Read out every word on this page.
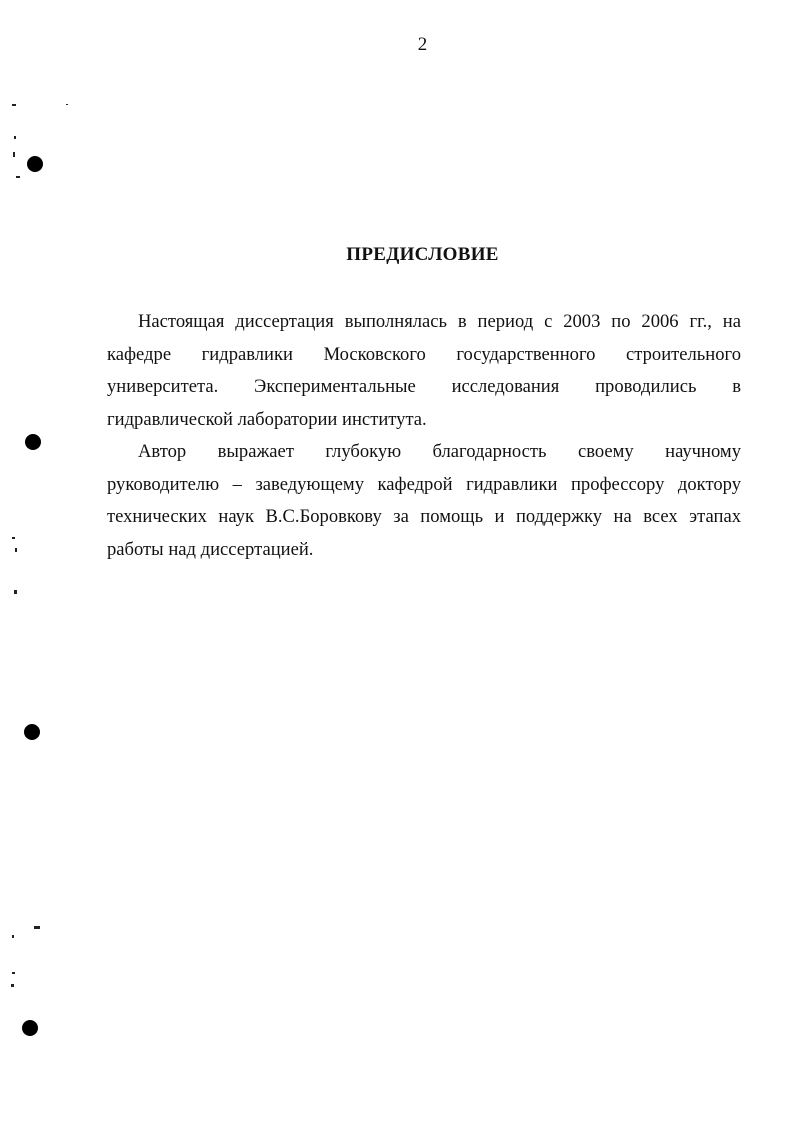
2
ПРЕДИСЛОВИЕ
Настоящая диссертация выполнялась в период с 2003 по 2006 гг., на
кафедре гидравлики Московского государственного строительного
университета. Экспериментальные исследования проводились в
гидравлической лаборатории института.
Автор выражает глубокую благодарность своему научному
руководителю – заведующему кафедрой гидравлики профессору доктору
технических наук В.С.Боровкову за помощь и поддержку на всех этапах
работы над диссертацией.
